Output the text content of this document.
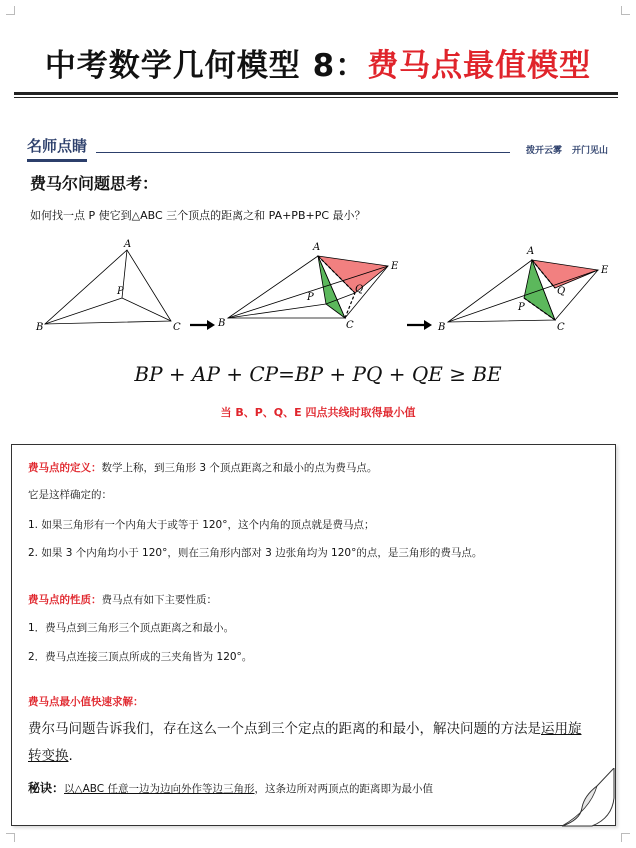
中考数学几何模型 8：费马点最值模型
名师点睛	拨开云雾 开门见山
费马尔问题思考：
如何找一点 P 使它到△ABC 三个顶点的距离之和 PA+PB+PC 最小？
A
B	C
P
A
E
P
Q
B	C
A
E
Q
P
B	C
BP + AP + CP=BP + PQ + QE ≥ BE
当 B、P、Q、E 四点共线时取得最小值
费马点的定义：数学上称，到三角形 3 个顶点距离之和最小的点为费马点。
它是这样确定的：
1. 如果三角形有一个内角大于或等于 120°，这个内角的顶点就是费马点；
2. 如果 3 个内角均小于 120°，则在三角形内部对 3 边张角均为 120°的点，是三角形的费马点。
费马点的性质：费马点有如下主要性质：
1．费马点到三角形三个顶点距离之和最小。
2．费马点连接三顶点所成的三夹角皆为 120°。
费马点最小值快速求解：
费尔马问题告诉我们，存在这么一个点到三个定点的距离的和最小，解决问题的方法是运用旋
转变换.
秘诀：以△ABC 任意一边为边向外作等边三角形，这条边所对两顶点的距离即为最小值
